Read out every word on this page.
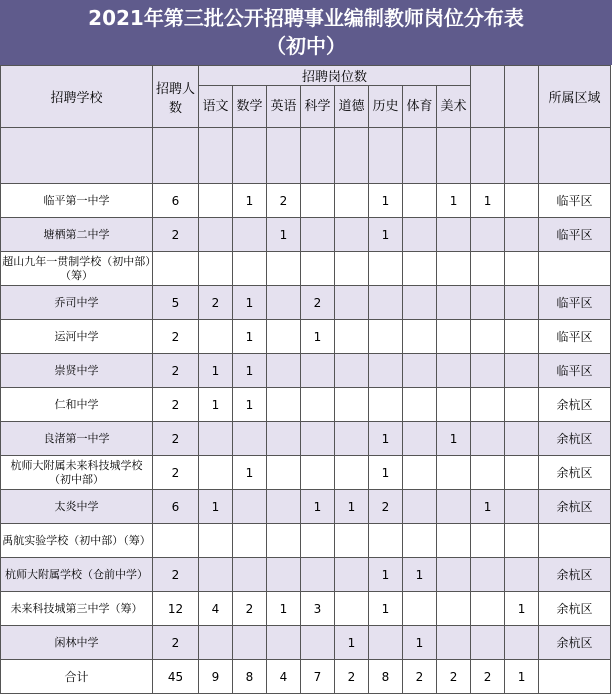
2021年第三批公开招聘事业编制教师岗位分布表
（初中）
招聘学校	招聘人数	招聘岗位数										所属区域
		语文	数学	英语	科学	道德	历史	体育	美术			

临平第一中学	6		1	2			1		1	1		临平区
塘栖第二中学	2			1			1					临平区
超山九年一贯制学校（初中部）（筹）												
乔司中学	5	2	1		2							临平区
运河中学	2		1		1							临平区
崇贤中学	2	1	1									临平区
仁和中学	2	1	1									余杭区
良渚第一中学	2						1		1			余杭区
杭师大附属未来科技城学校（初中部）	2		1				1					余杭区
太炎中学	6	1			1	1	2			1		余杭区
禹航实验学校（初中部）（筹）												
杭师大附属学校（仓前中学）	2						1	1				余杭区
未来科技城第三中学（筹）	12	4	2	1	3		1				1	余杭区
闲林中学	2					1		1				余杭区
合计	45	9	8	4	7	2	8	2	2	2	1	
